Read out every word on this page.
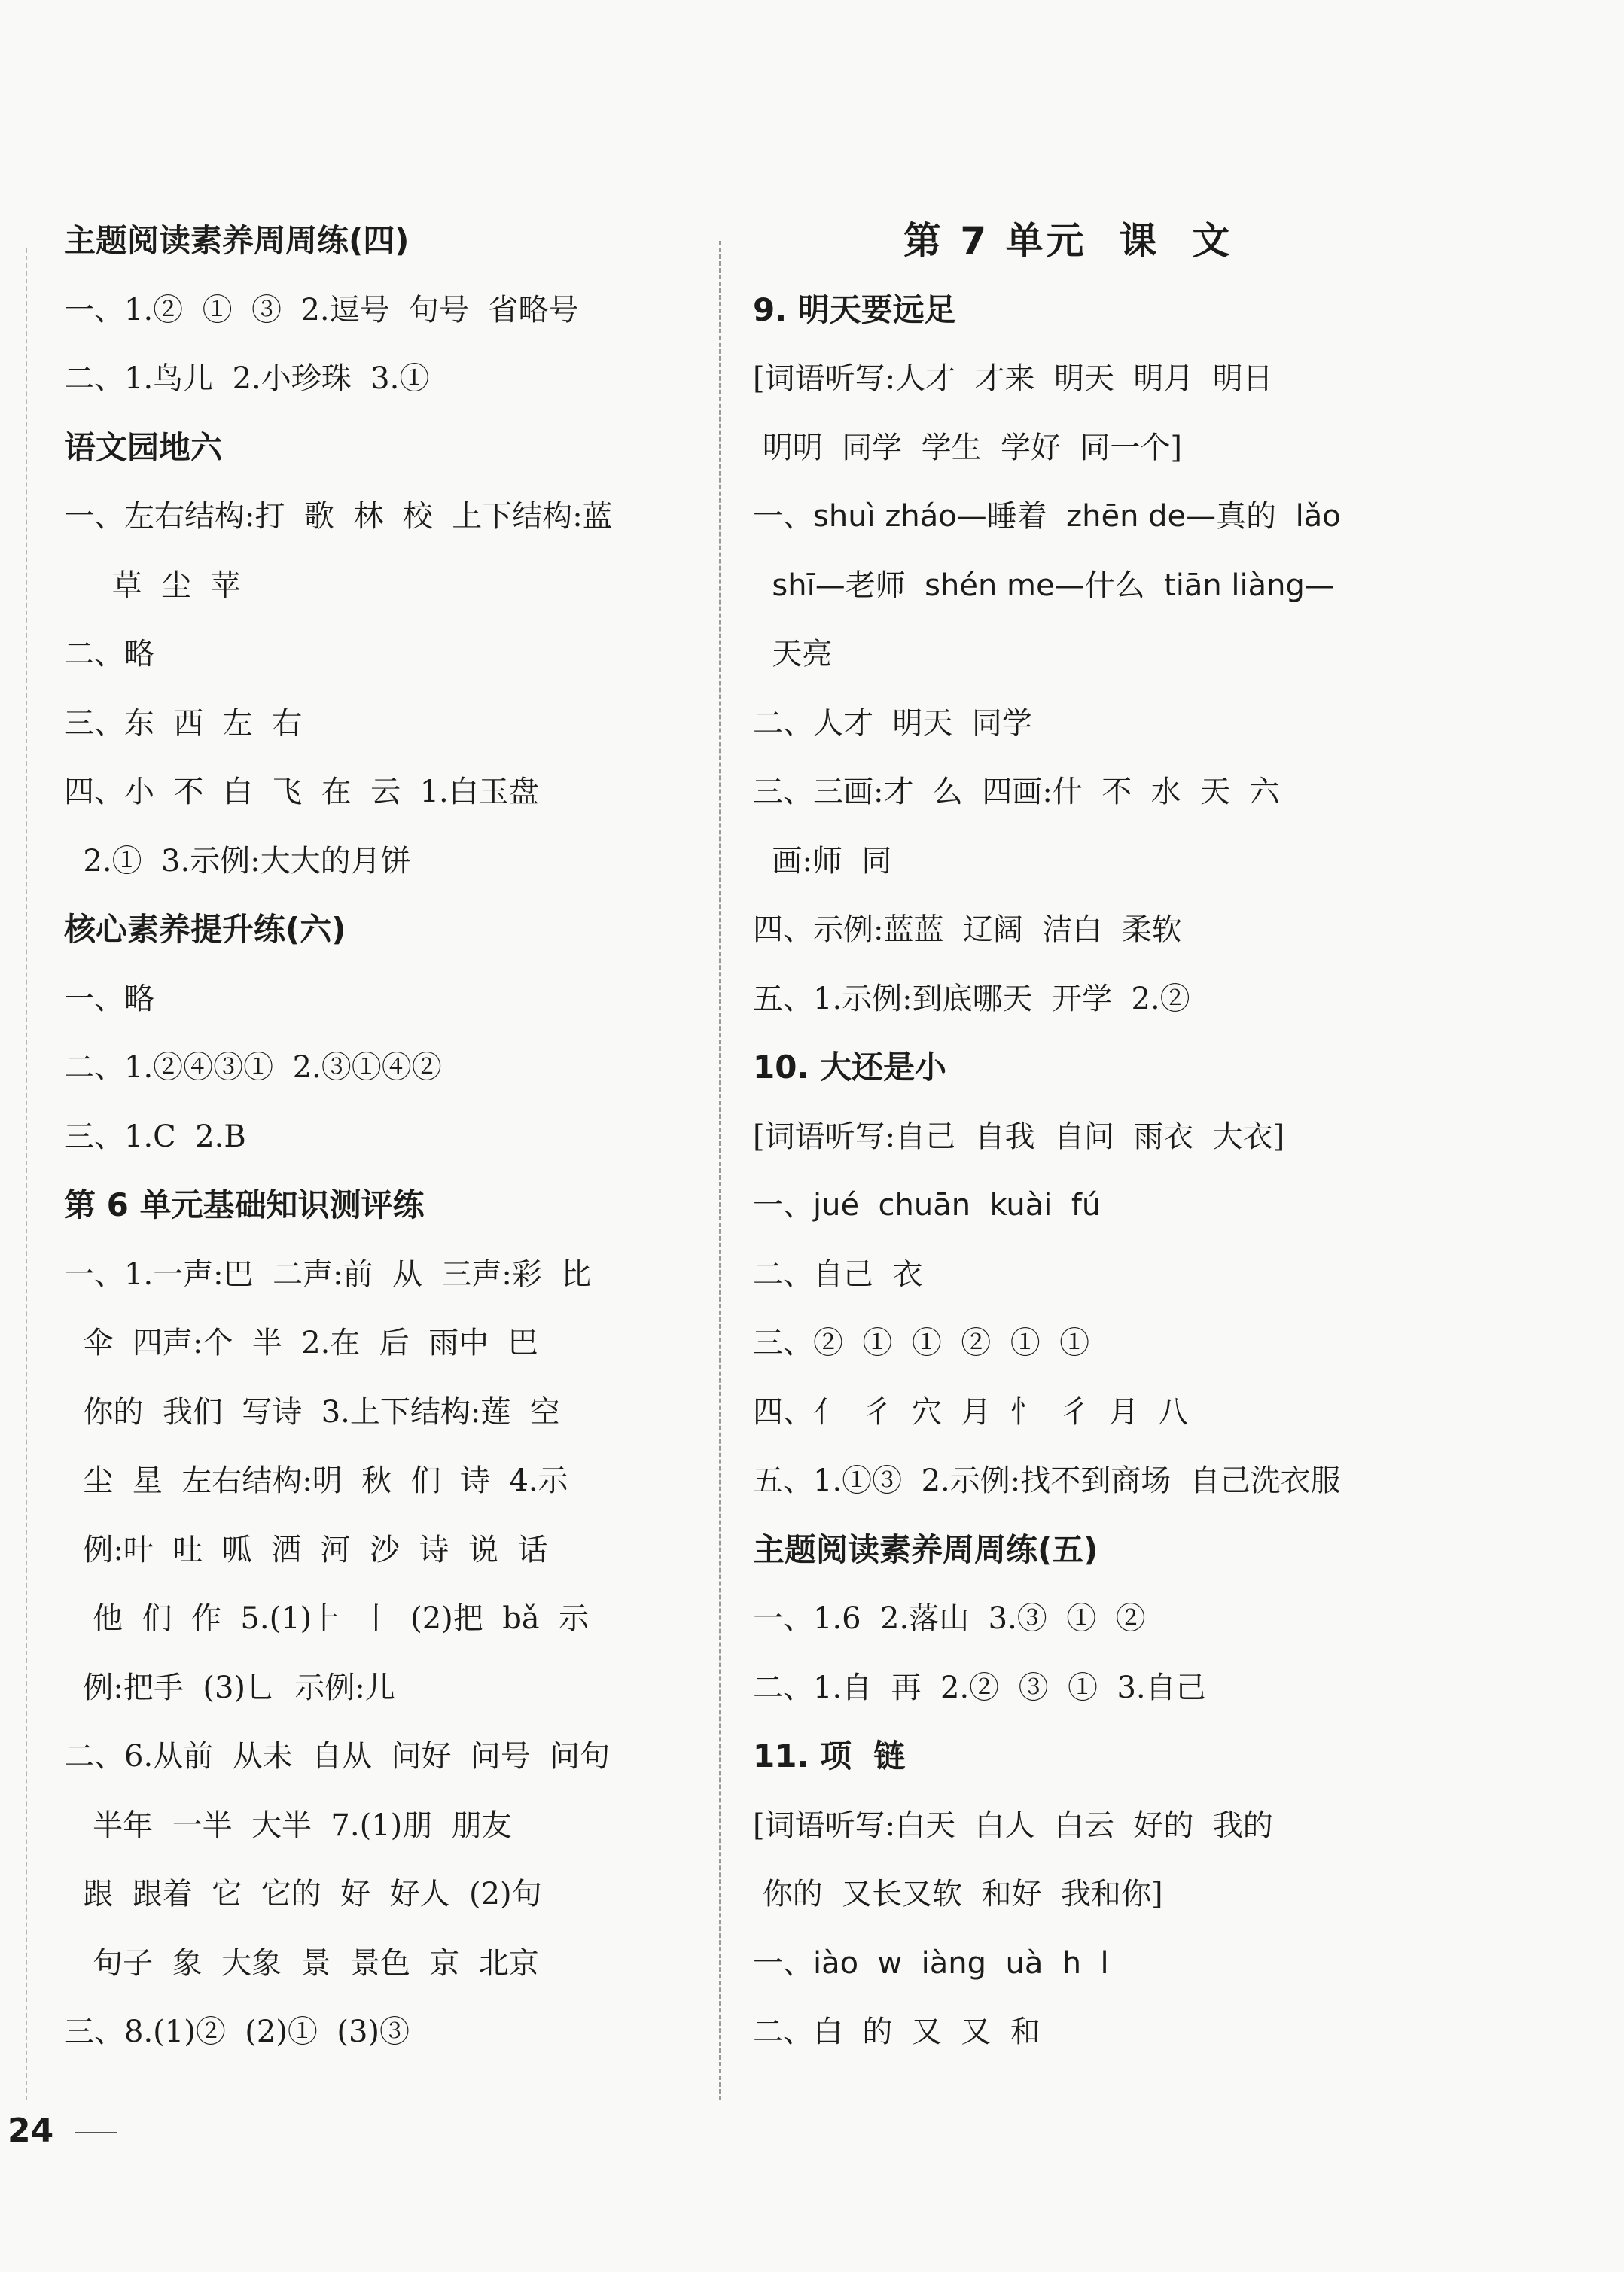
主题阅读素养周周练(四)
一、1.②  ①  ③  2.逗号  句号  省略号
二、1.鸟儿  2.小珍珠  3.①
语文园地六
一、左右结构:打  歌  林  校  上下结构:蓝
草  尘  苹
二、略
三、东  西  左  右
四、小  不  白  飞  在  云  1.白玉盘
2.①  3.示例:大大的月饼
核心素养提升练(六)
一、略
二、1.②④③①  2.③①④②
三、1.C  2.B
第 6 单元基础知识测评练
一、1.一声:巴  二声:前  从  三声:彩  比
伞  四声:个  半  2.在  后  雨中  巴
你的  我们  写诗  3.上下结构:莲  空
尘  星  左右结构:明  秋  们  诗  4.示
例:叶  吐  呱  洒  河  沙  诗  说  话
他  们  作  5.(1)⺊  丨  (2)把  bǎ  示
例:把手  (3)乚  示例:儿
二、6.从前  从未  自从  问好  问号  问句
半年  一半  大半  7.(1)朋  朋友
跟  跟着  它  它的  好  好人  (2)句
句子  象  大象  景  景色  京  北京
三、8.(1)②  (2)①  (3)③
第 7 单元  课  文
9. 明天要远足
[词语听写:人才  才来  明天  明月  明日
明明  同学  学生  学好  同一个]
一、shuì zháo—睡着  zhēn de—真的  lǎo
shī—老师  shén me—什么  tiān liàng—
天亮
二、人才  明天  同学
三、三画:才  么  四画:什  不  水  天  六
画:师  同
四、示例:蓝蓝  辽阔  洁白  柔软
五、1.示例:到底哪天  开学  2.②
10. 大还是小
[词语听写:自己  自我  自问  雨衣  大衣]
一、jué  chuān  kuài  fú
二、自己  衣
三、②  ①  ①  ②  ①  ①
四、亻  彳  穴  月  忄  彳  月  八
五、1.①③  2.示例:找不到商场  自己洗衣服
主题阅读素养周周练(五)
一、1.6  2.落山  3.③  ①  ②
二、1.自  再  2.②  ③  ①  3.自己
11. 项  链
[词语听写:白天  白人  白云  好的  我的
你的  又长又软  和好  我和你]
一、iào  w  iàng  uà  h  l
二、白  的  又  又  和
24
